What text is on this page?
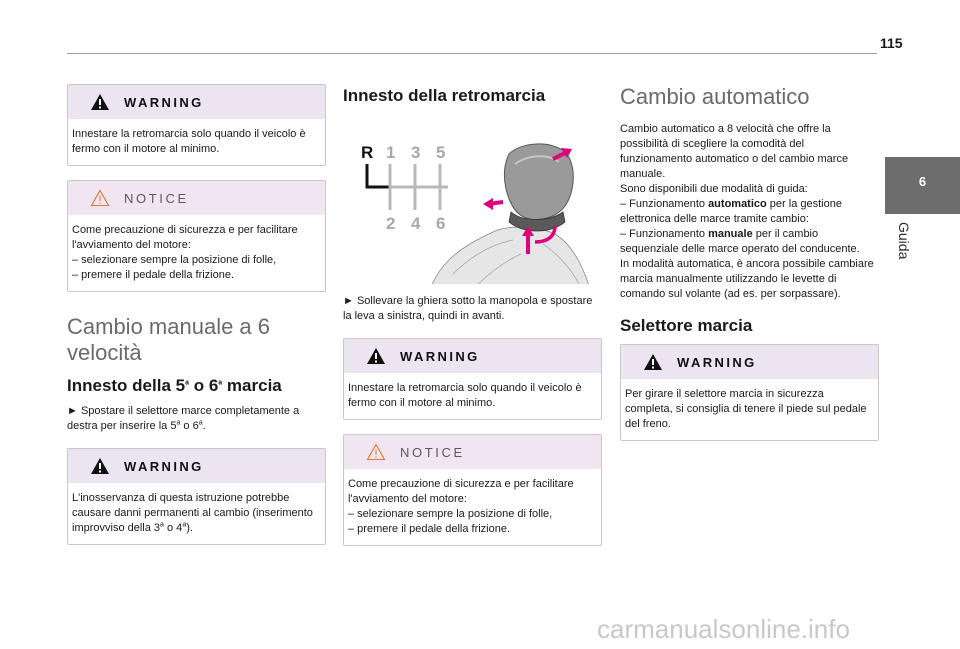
115
6
Guida
WARNING

Innestare la retromarcia solo quando il veicolo è fermo con il motore al minimo.

NOTICE

Come precauzione di sicurezza e per facilitare l'avviamento del motore:

– selezionare sempre la posizione di folle,

– premere il pedale della frizione.

Cambio manuale a 6 velocità
Innesto della 5$^a$ o 6$^a$ marcia
► Spostare il selettore marce completamente a destra per inserire la 5$^a$ o 6$^a$.
WARNING

L'inosservanza di questa istruzione potrebbe causare danni permanenti al cambio (inserimento improvviso della 3$^a$ o 4$^a$).

Innesto della retromarcia
R 1 3 5
2 4 6
► Sollevare la ghiera sotto la manopola e spostare la leva a sinistra, quindi in avanti.
WARNING

Innestare la retromarcia solo quando il veicolo è fermo con il motore al minimo.

NOTICE

Come precauzione di sicurezza e per facilitare l'avviamento del motore:

– selezionare sempre la posizione di folle,

– premere il pedale della frizione.

Cambio automatico

Cambio automatico a 8 velocità che offre la possibilità di scegliere la comodità del funzionamento automatico o del cambio marce manuale.

Sono disponibili due modalità di guida:

– Funzionamento automatico per la gestione elettronica delle marce tramite cambio:

– Funzionamento manuale per il cambio sequenziale delle marce operato del conducente.

In modalità automatica, è ancora possibile cambiare marcia manualmente utilizzando le levette di comando sul volante (ad es. per sorpassare).

Selettore marcia
WARNING

Per girare il selettore marcia in sicurezza completa, si consiglia di tenere il piede sul pedale del freno.

carmanualsonline.info
